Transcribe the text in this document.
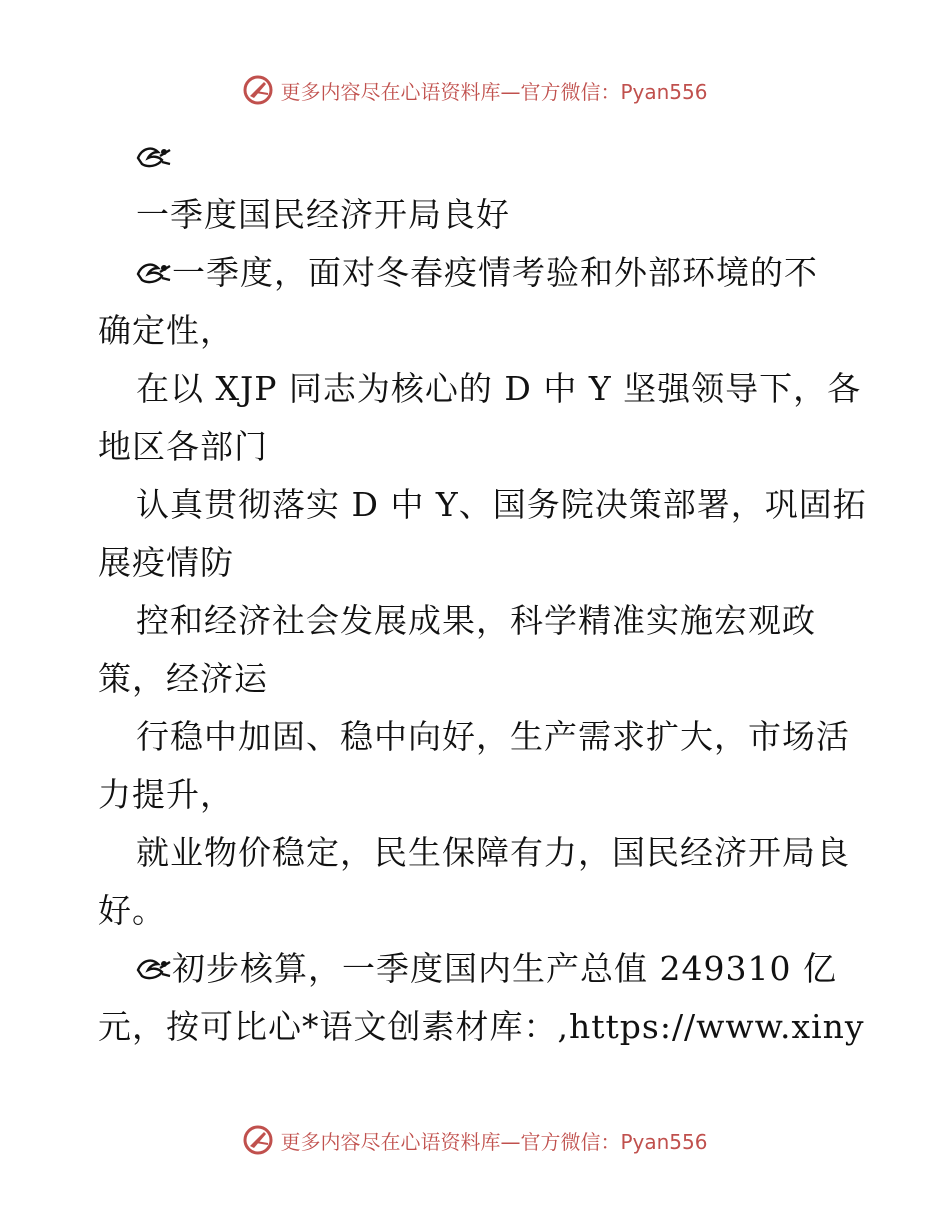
更多内容尽在心语资料库—官方微信：Pyan556
一季度国民经济开局良好
一季度，面对冬春疫情考验和外部环境的不
确定性，
在以 XJP 同志为核心的 D 中 Y 坚强领导下，各
地区各部门
认真贯彻落实 D 中 Y、国务院决策部署，巩固拓
展疫情防
控和经济社会发展成果，科学精准实施宏观政
策，经济运
行稳中加固、稳中向好，生产需求扩大，市场活
力提升，
就业物价稳定，民生保障有力，国民经济开局良
好。
初步核算，一季度国内生产总值 249310 亿
元，按可比心*语文创素材库：,https://www.xiny
更多内容尽在心语资料库—官方微信：Pyan556
